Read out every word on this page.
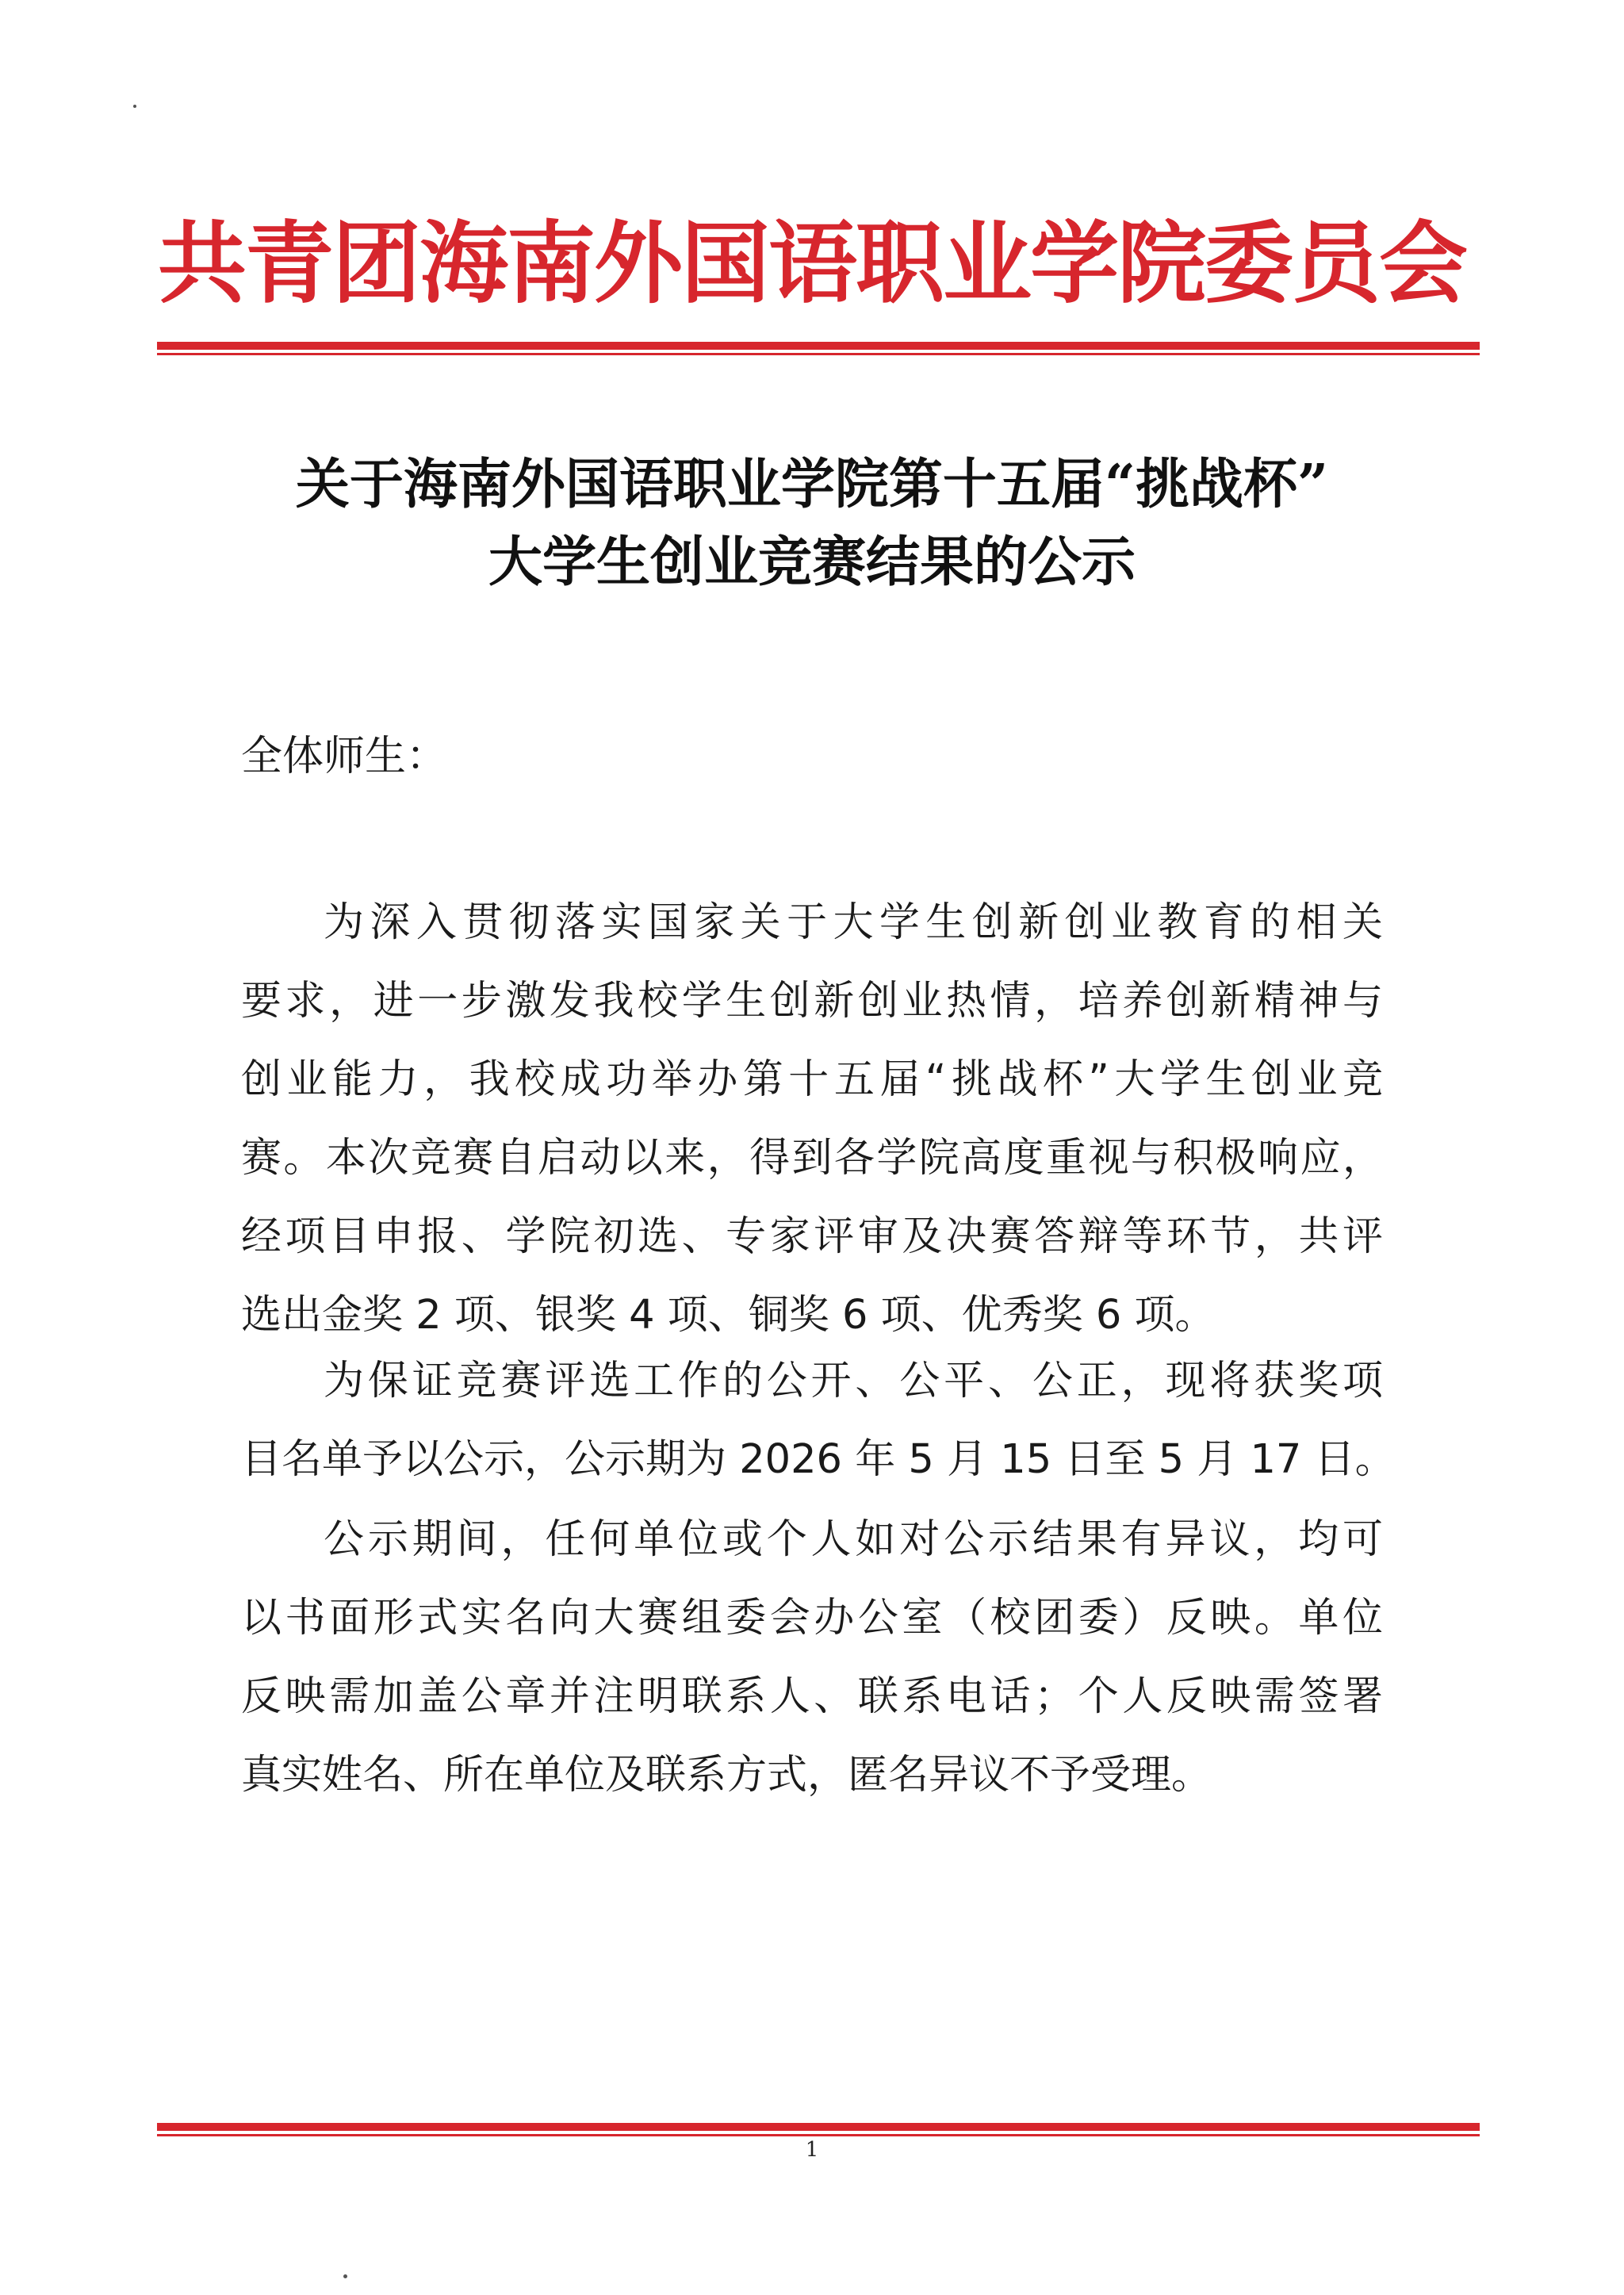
共青团海南外国语职业学院委员会
关于海南外国语职业学院第十五届“挑战杯”
大学生创业竞赛结果的公示
全体师生：
为深入贯彻落实国家关于大学生创新创业教育的相关
要求，进一步激发我校学生创新创业热情，培养创新精神与
创业能力，我校成功举办第十五届“挑战杯”大学生创业竞
赛。本次竞赛自启动以来，得到各学院高度重视与积极响应，
经项目申报、学院初选、专家评审及决赛答辩等环节，共评
选出金奖 2 项、银奖 4 项、铜奖 6 项、优秀奖 6 项。
为保证竞赛评选工作的公开、公平、公正，现将获奖项
目名单予以公示，公示期为 2026 年 5 月 15 日至 5 月 17 日。
公示期间，任何单位或个人如对公示结果有异议，均可
以书面形式实名向大赛组委会办公室（校团委）反映。单位
反映需加盖公章并注明联系人、联系电话；个人反映需签署
真实姓名、所在单位及联系方式，匿名异议不予受理。
1
